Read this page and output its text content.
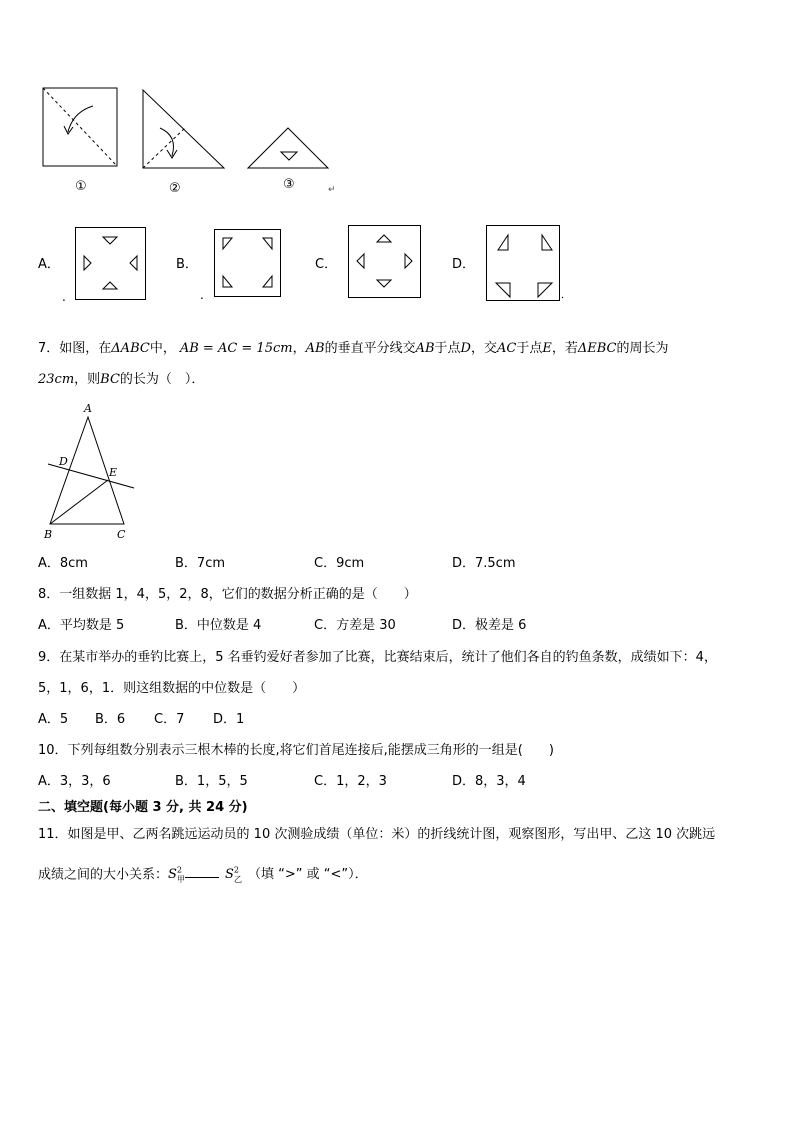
①	②	③	↵
A．
.
B．
.
C．	D．
7．如图，在ΔABC中， AB = AC = 15cm，AB的垂直平分线交AB于点D，交AC于点E，若ΔEBC的周长为
23cm，则BC的长为（　）．
A
D
E
B	C
A．8cm	B．7cm	C．9cm	D．7.5cm
8．一组数据 1，4，5，2，8，它们的数据分析正确的是（　　）
A．平均数是 5	B．中位数是 4	C．方差是 30	D．极差是 6
9．在某市举办的垂钓比赛上，5 名垂钓爱好者参加了比赛，比赛结束后，统计了他们各自的钓鱼条数，成绩如下：4，
5，1，6，1．则这组数据的中位数是（　　）
A．5 B．6 C．7 D．1
10．下列每组数分别表示三根木棒的长度,将它们首尾连接后,能摆成三角形的一组是(　　)
A．3，3，6	B．1，5，5	C．1，2，3	D．8，3，4
二、填空题(每小题 3 分, 共 24 分)
11．如图是甲、乙两名跳远运动员的 10 次测验成绩（单位：米）的折线统计图，观察图形，写出甲、乙这 10 次跳远
成绩之间的大小关系：$S^2_甲$	$S^2_乙$ （填 “>” 或 “<”）．
